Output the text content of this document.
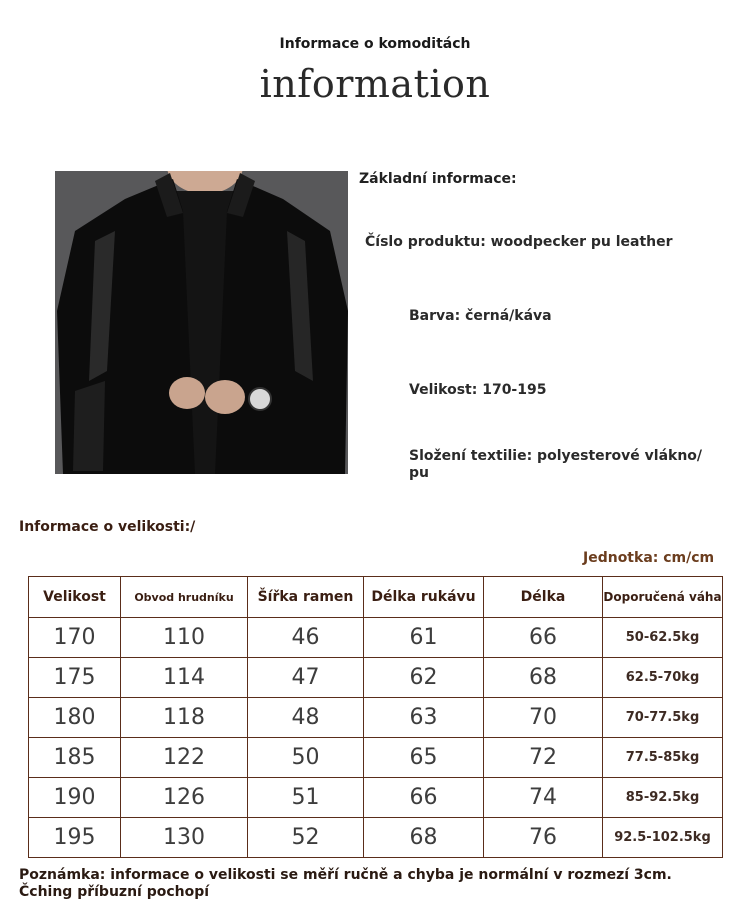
Informace o komoditách
information
Základní informace:
Číslo produktu: woodpecker pu leather
Barva: černá/káva
Velikost: 170-195
Složení textilie: polyesterové vlákno/ pu
Informace o velikosti:/
Jednotka: cm/cm
Velikost	Obvod hrudníku	Šířka ramen	Délka rukávu	Délka	Doporučená váha
170	110	46	61	66	50-62.5kg
175	114	47	62	68	62.5-70kg
180	118	48	63	70	70-77.5kg
185	122	50	65	72	77.5-85kg
190	126	51	66	74	85-92.5kg
195	130	52	68	76	92.5-102.5kg
Poznámka: informace o velikosti se měří ručně a chyba je normální v rozmezí 3cm. Čching příbuzní pochopí
